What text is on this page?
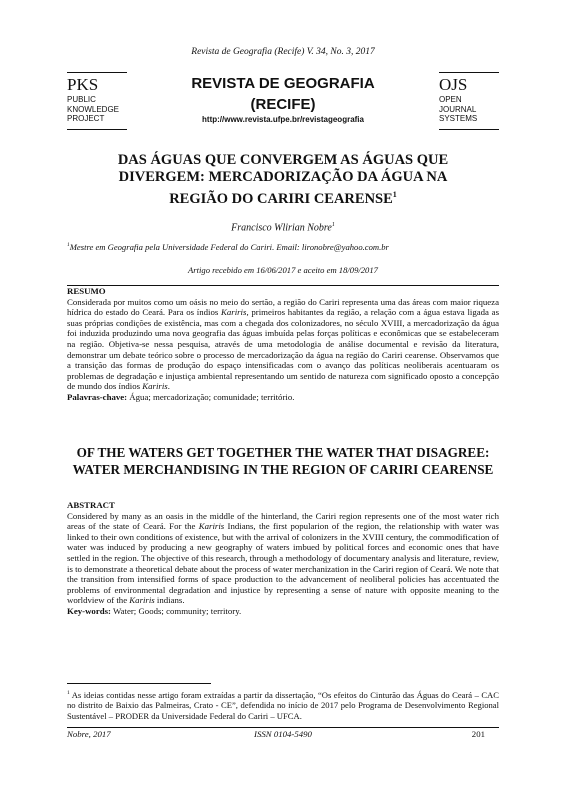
Revista de Geografia (Recife) V. 34, No. 3, 2017
PKS
PUBLIC
KNOWLEDGE
PROJECT
REVISTA DE GEOGRAFIA
(RECIFE)
http://www.revista.ufpe.br/revistageografia
OJS
OPEN
JOURNAL
SYSTEMS
DAS ÁGUAS QUE CONVERGEM AS ÁGUAS QUE DIVERGEM: MERCADORIZAÇÃO DA ÁGUA NA REGIÃO DO CARIRI CEARENSE$^1$
Francisco Wlirian Nobre$^1$
$^1$Mestre em Geografia pela Universidade Federal do Cariri. Email: lironobre@yahoo.com.br
Artigo recebido em 16/06/2017 e aceito em 18/09/2017
RESUMO
Considerada por muitos como um oásis no meio do sertão, a região do Cariri representa uma das áreas com maior riqueza hídrica do estado do Ceará. Para os índios Kariris, primeiros habitantes da região, a relação com a água estava ligada as suas próprias condições de existência, mas com a chegada dos colonizadores, no século XVIII, a mercadorização da água foi induzida produzindo uma nova geografia das águas imbuída pelas forças políticas e econômicas que se estabeleceram na região. Objetiva-se nessa pesquisa, através de uma metodologia de análise documental e revisão da literatura, demonstrar um debate teórico sobre o processo de mercadorização da água na região do Cariri cearense. Observamos que a transição das formas de produção do espaço intensificadas com o avanço das políticas neoliberais acentuaram os problemas de degradação e injustiça ambiental representando um sentido de natureza com significado oposto a concepção de mundo dos índios Kariris.
Palavras-chave: Água; mercadorização; comunidade; território.
OF THE WATERS GET TOGETHER THE WATER THAT DISAGREE: WATER MERCHANDISING IN THE REGION OF CARIRI CEARENSE
ABSTRACT
Considered by many as an oasis in the middle of the hinterland, the Cariri region represents one of the most water rich areas of the state of Ceará. For the Kariris Indians, the first popularion of the region, the relationship with water was linked to their own conditions of existence, but with the arrival of colonizers in the XVIII century, the commodification of water was induced by producing a new geography of waters imbued by political forces and economic ones that have settled in the region. The objective of this research, through a methodology of documentary analysis and literature, review, is to demonstrate a theoretical debate about the process of water merchanization in the Cariri region of Ceará. We note that the transition from intensified forms of space production to the advancement of neoliberal policies has accentuated the problems of environmental degradation and injustice by representing a sense of nature with opposite meaning to the worldview of the Kariris indians.
Key-words: Water; Goods; community; territory.
$^1$ As ideias contidas nesse artigo foram extraídas a partir da dissertação, “Os efeitos do Cinturão das Águas do Ceará – CAC no distrito de Baixio das Palmeiras, Crato - CE”, defendida no início de 2017 pelo Programa de Desenvolvimento Regional Sustentável – PRODER da Universidade Federal do Cariri – UFCA.
Nobre, 2017	ISSN 0104-5490	201
